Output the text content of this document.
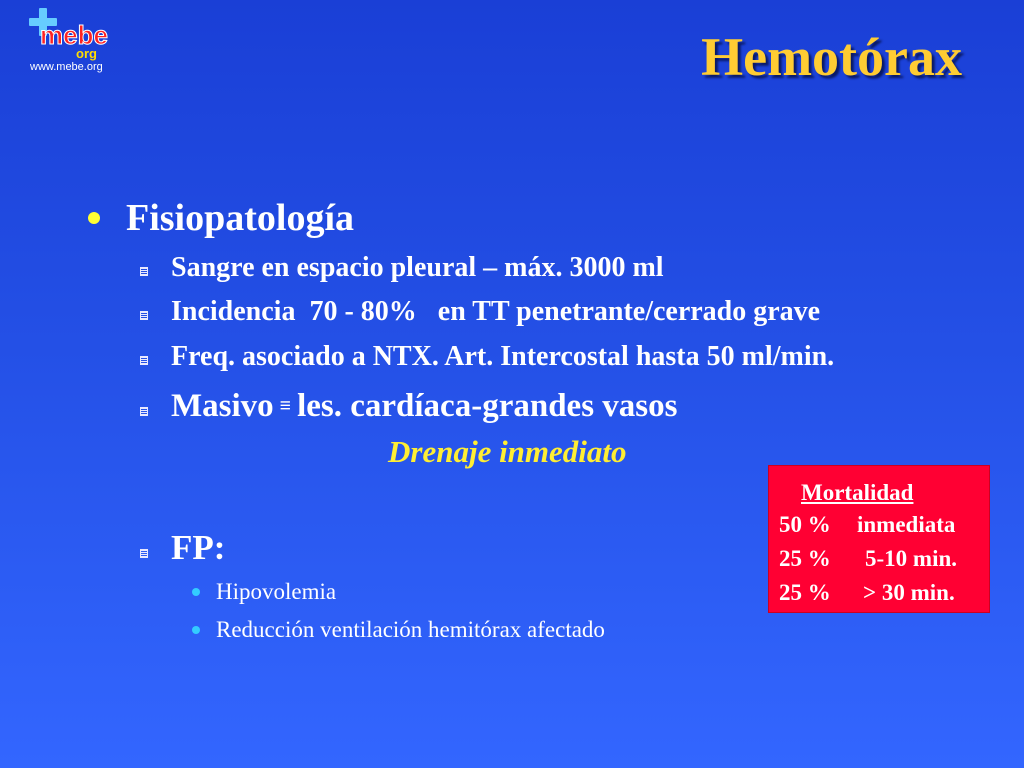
mebe
org
www.mebe.org	Hemotórax
Fisiopatología
Sangre en espacio pleural – máx. 3000 ml
Incidencia  70 - 80%   en TT penetrante/cerrado grave
Freq. asociado a NTX. Art. Intercostal hasta 50 ml/min.
Masivo ≡ les. cardíaca-grandes vasos
Drenaje inmediato
FP:
Hipovolemia
Reducción ventilación hemitórax afectado
Mortalidad
50 % inmediata
25 % 5-10 min.
25 % > 30 min.
